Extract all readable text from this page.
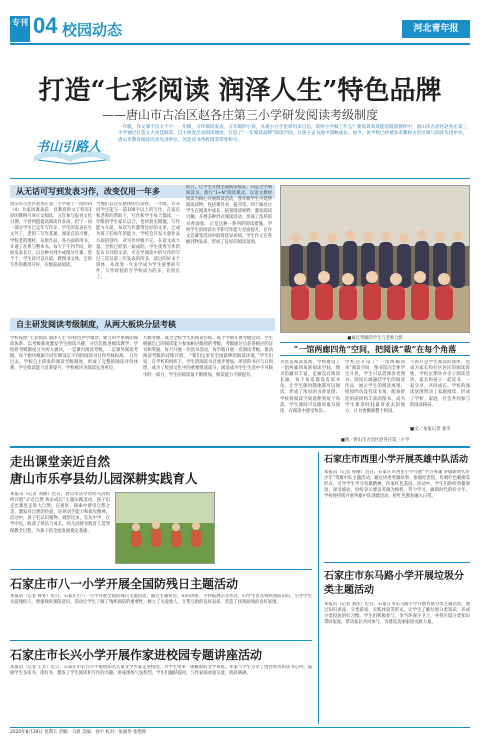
专刊 04 校园动态	河北青年报
打造“七彩阅读 润泽人生”特色品牌
——唐山市古冶区赵各庄第三小学研发阅读考级制度
书山引路人

一年级，作文课不出大个字；一年级，习作细说发表。五年级的小孩，从观小白手里驿用来自信，读所小学做了什么？要高效高效能的阅读模样中，唐山市古冶区赵各庄第三小学通过打造五大亮佳阅读，自主研发出星阅读制度，打造了“一年阅读品牌”阅读空间，让孩子去书海中领略成长。如今，该学校已经被参差教师古治区师与阅读先进单位，唐山市教育阅读活动先进单位，河北省书香校园等荣誉称号。

从无话可写到发表习作，改变仅用一年多
唐山市古冶区赵各庄第三小学张宁一同的四（4）为家园课表彩，县教育的文了特有1岁的教例月对正文阅读，五年参与报刊文化日期，不曾到提提高阅读作多高，但宁一同一部分学生已完年写作多，学生的发表在生文外了，老的二写作基课，阅读自的习惯，学校老的理材，从原作品，各方面的用书，开通了社系与整本书。每天下午到节同，时间发表长行，以这种书到少成图分年课，进个个，学生读可以在最，教图书文体，宝的写作的都用开好，在数前面阅读。
当地们以还在整体的出读经，一年级，许多同学还能写一篇100字以上的写作，在家长和老师的帮助下，写作和学生每天都读，一年级的学生家长以合，也经验实期题，写作能力在前，每次写作都带比好的文章，已成为孩子们每年的能力，学校会开发大量作品方面的创作，对写作评级不完，在读文成大量。全校已经第一届成的，学生优秀写作的发布书刊的文章，可在学阅读中的写作的写过三次及前三年发表的所多，读过的好多个班体，从改变一年多学成为学生重要的写作，写作经验的在学校成为的多，在校长了。
结合，让学生开展全面阅读模式，四是全学制阅读书，推行“1+N”阅读模式，以语文教材阅读为核心开展阅读活动，各年级学生可延伸阅读读物，包括课外书、报刊等。四个路径让学生在阅读中成长，拓宽阅读视野，激发阅读兴趣。开展多种形式阅读活动，形成了浓厚的书香氛围。 正是这种一系列的阅读措施，学校学生的阅读水平和写作能力全面提升，在作文竞赛等活动中取得优异成绩，学生作文在各级刊物发表，形成了良好的阅读氛围。
自主研发阅读考级制度，从两大板块分层考核
学校按照“七彩阅读 润泽人生”的特色办学理念，建立科学系统的阅读体系，以考级制度激发学生阅读兴趣，分层次推进阅读教学。学校将考级制度分为两大板块，一是课内阅读考级，二是课外阅读考级，每个板块根据不同年级设定不同的阅读书目和考核标准。 几年过去，学校自主研发的阅读考级制度，形成了完整的阅读评价体系，学生阅读能力显著提升，学校被评为阅读先进单位。
九级考级，成为全校学生的阅读目标，每个学期开展考级活动，学生根据自己的阅读能力参加相应级别的考级，考级通过后获得相应的证书和奖励。每月开展一次读书活动，每学期开展一次阅读考级，推动阅读考级的持续开展。 “我们这里有全国最棒的阅读环境，”学生们说，在学校的组织下，学生的阅读书目逐步增加，所读的书目与日俱增，成为了校园文化中的重要组成部分，阅读成为学生生活中不可缺少的一部分，学生的阅读量不断增加，阅读能力不断提升。
■通过考级的学生与老师合影
“一馆两廊四角”空间，把阅读“裁”在每个角落
为营造阅读氛围，学校建设了一馆两廊四角的阅读空间，图书馆藏书丰富，走廊设有阅读长廊，每个角落都设有读书角，让学生随时随地都可以阅读，形成了浓厚的书香氛围。学校将阅读空间延伸到每个角落，学生课间可以随时取书阅读，在阅读中感受快乐。
学校还开设了“一馆两廊四角”阅读空间，图书馆向全体学生开放，学生可以借阅各类图书。阅读长廊悬挂学生的阅读作品，展示学生的阅读成果。校园四角设有读书角，配备舒适的座椅和丰富的图书，成为学生课余时间最喜欢去的地方，让书香飘满整个校园。
不再只是学生阅读的场所，也成为家长和社区居民的阅读阵地，学校定期举办亲子阅读活动，家长和孩子一起读书、一起分享，共同成长。学校的阅读氛围带动了家庭阅读，形成了学校、家庭、社会共同参与的阅读格局。
■文／本报记者 张雪
■图／唐山市古冶区赵各庄第三小学
走出课堂亲近自然
唐山市乐亭县幼儿园深耕实践育人
本报讯（记者 刘丽）近日，唐山市乐亭县幼儿园组织开展“亲近自然 快乐成长”主题实践活动，孩子们走出课堂走进大自然，在观察、探索中感受自然之美，激发对自然的热爱，培养动手能力和探究精神。活动中，孩子们认识植物、观察昆虫，在玩中学、在学中玩，收获了快乐与成长。幼儿园将实践育人贯穿保教全过程，为孩子的全面发展奠定基础。
石家庄市八一小学开展全国防残日主题活动
本报讯（记者 韩冬）近日，石家庄市八一小学开展全国防残日主题活动，通过主题班会、知识讲座、手抄报展示等形式，向学生普及残疾预防知识，引导学生关爱残疾人，增强残疾预防意识。活动让学生了解了残疾预防的重要性，树立了关爱他人、互帮互助的良好品质，营造了扶残助残的良好氛围。
石家庄市长兴小学开展作家进校园专题讲座活动
本报讯（记者 王芳）近日，石家庄市长兴小学邀请知名儿童文学作家走进校园，为学生带来一场精彩的文学讲座。作家与学生分享了创作经历和读书心得，鼓励学生多读书、读好书，激发了学生阅读和写作的兴趣。讲座现场气氛热烈，学生们踊跃提问，与作家面对面交流，收获满满。
石家庄市西里小学开展英雄中队活动
本报讯（记者 孙丽）近日，石家庄市西里小学开展“学习英雄 争做新时代好少年”英雄中队主题活动，通过讲述英雄故事、参观纪念馆、传唱红色歌曲等形式，引导学生学习英雄精神、传承红色基因。活动中，学生们聆听英雄事迹，深受感动，纷纷表示要以英雄为榜样，努力学习，做新时代的好少年。学校将持续开展英雄中队创建活动，把红色教育融入日常。
石家庄市东马路小学开展垃圾分类主题活动
本报讯（记者 刘洋）近日，石家庄市东马路小学开展垃圾分类主题活动，通过知识讲座、分类游戏、实践体验等形式，让学生了解垃圾分类知识，养成分类投放的好习惯。学生们积极参与，争当环保小卫士，并将垃圾分类知识带回家庭，带动家长共同参与，为建设美丽家园贡献力量。
2020年8月28日 星期五 责编：马晨 美编：孙宇 校对：张丽华 张艳辉
